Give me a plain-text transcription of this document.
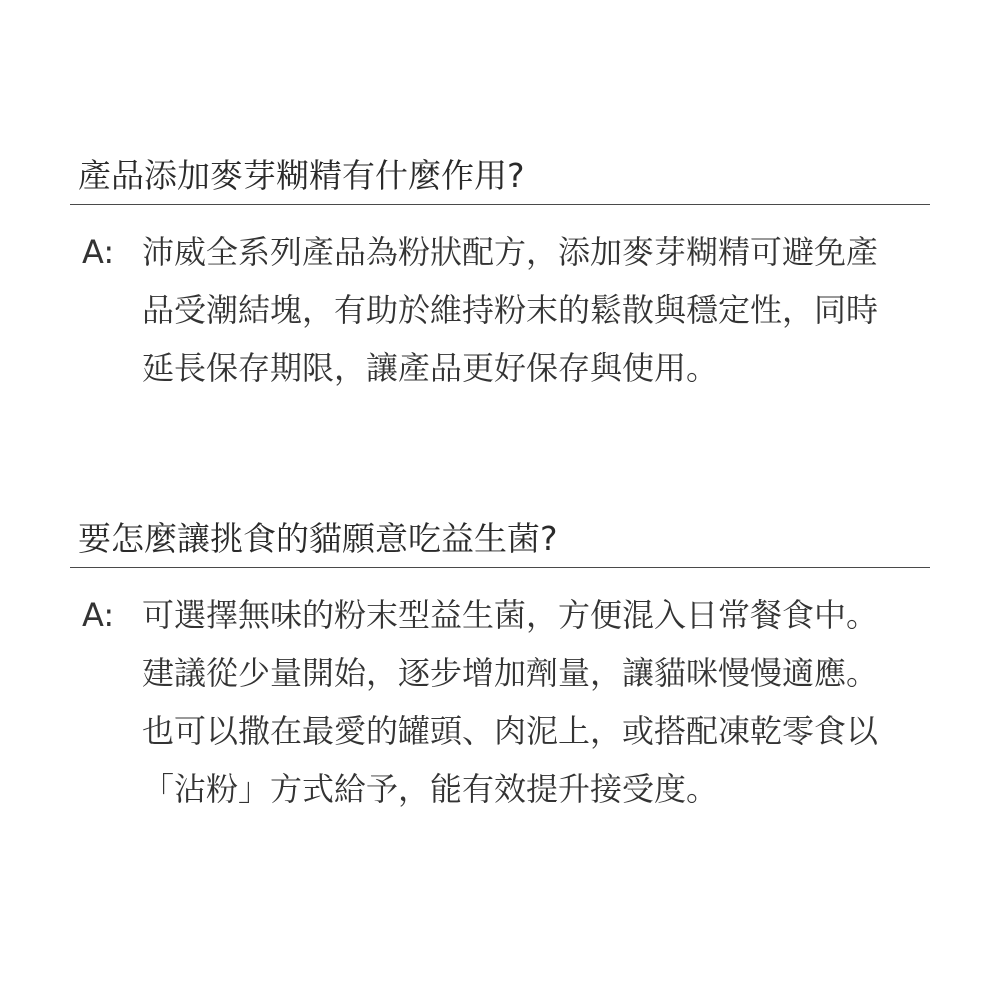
產品添加麥芽糊精有什麼作用?
A: 沛威全系列產品為粉狀配方，添加麥芽糊精可避免產
品受潮結塊，有助於維持粉末的鬆散與穩定性，同時
延長保存期限，讓產品更好保存與使用。
要怎麼讓挑食的貓願意吃益生菌?
A: 可選擇無味的粉末型益生菌，方便混入日常餐食中。
建議從少量開始，逐步增加劑量，讓貓咪慢慢適應。
也可以撒在最愛的罐頭、肉泥上，或搭配凍乾零食以
「沾粉」方式給予，能有效提升接受度。
